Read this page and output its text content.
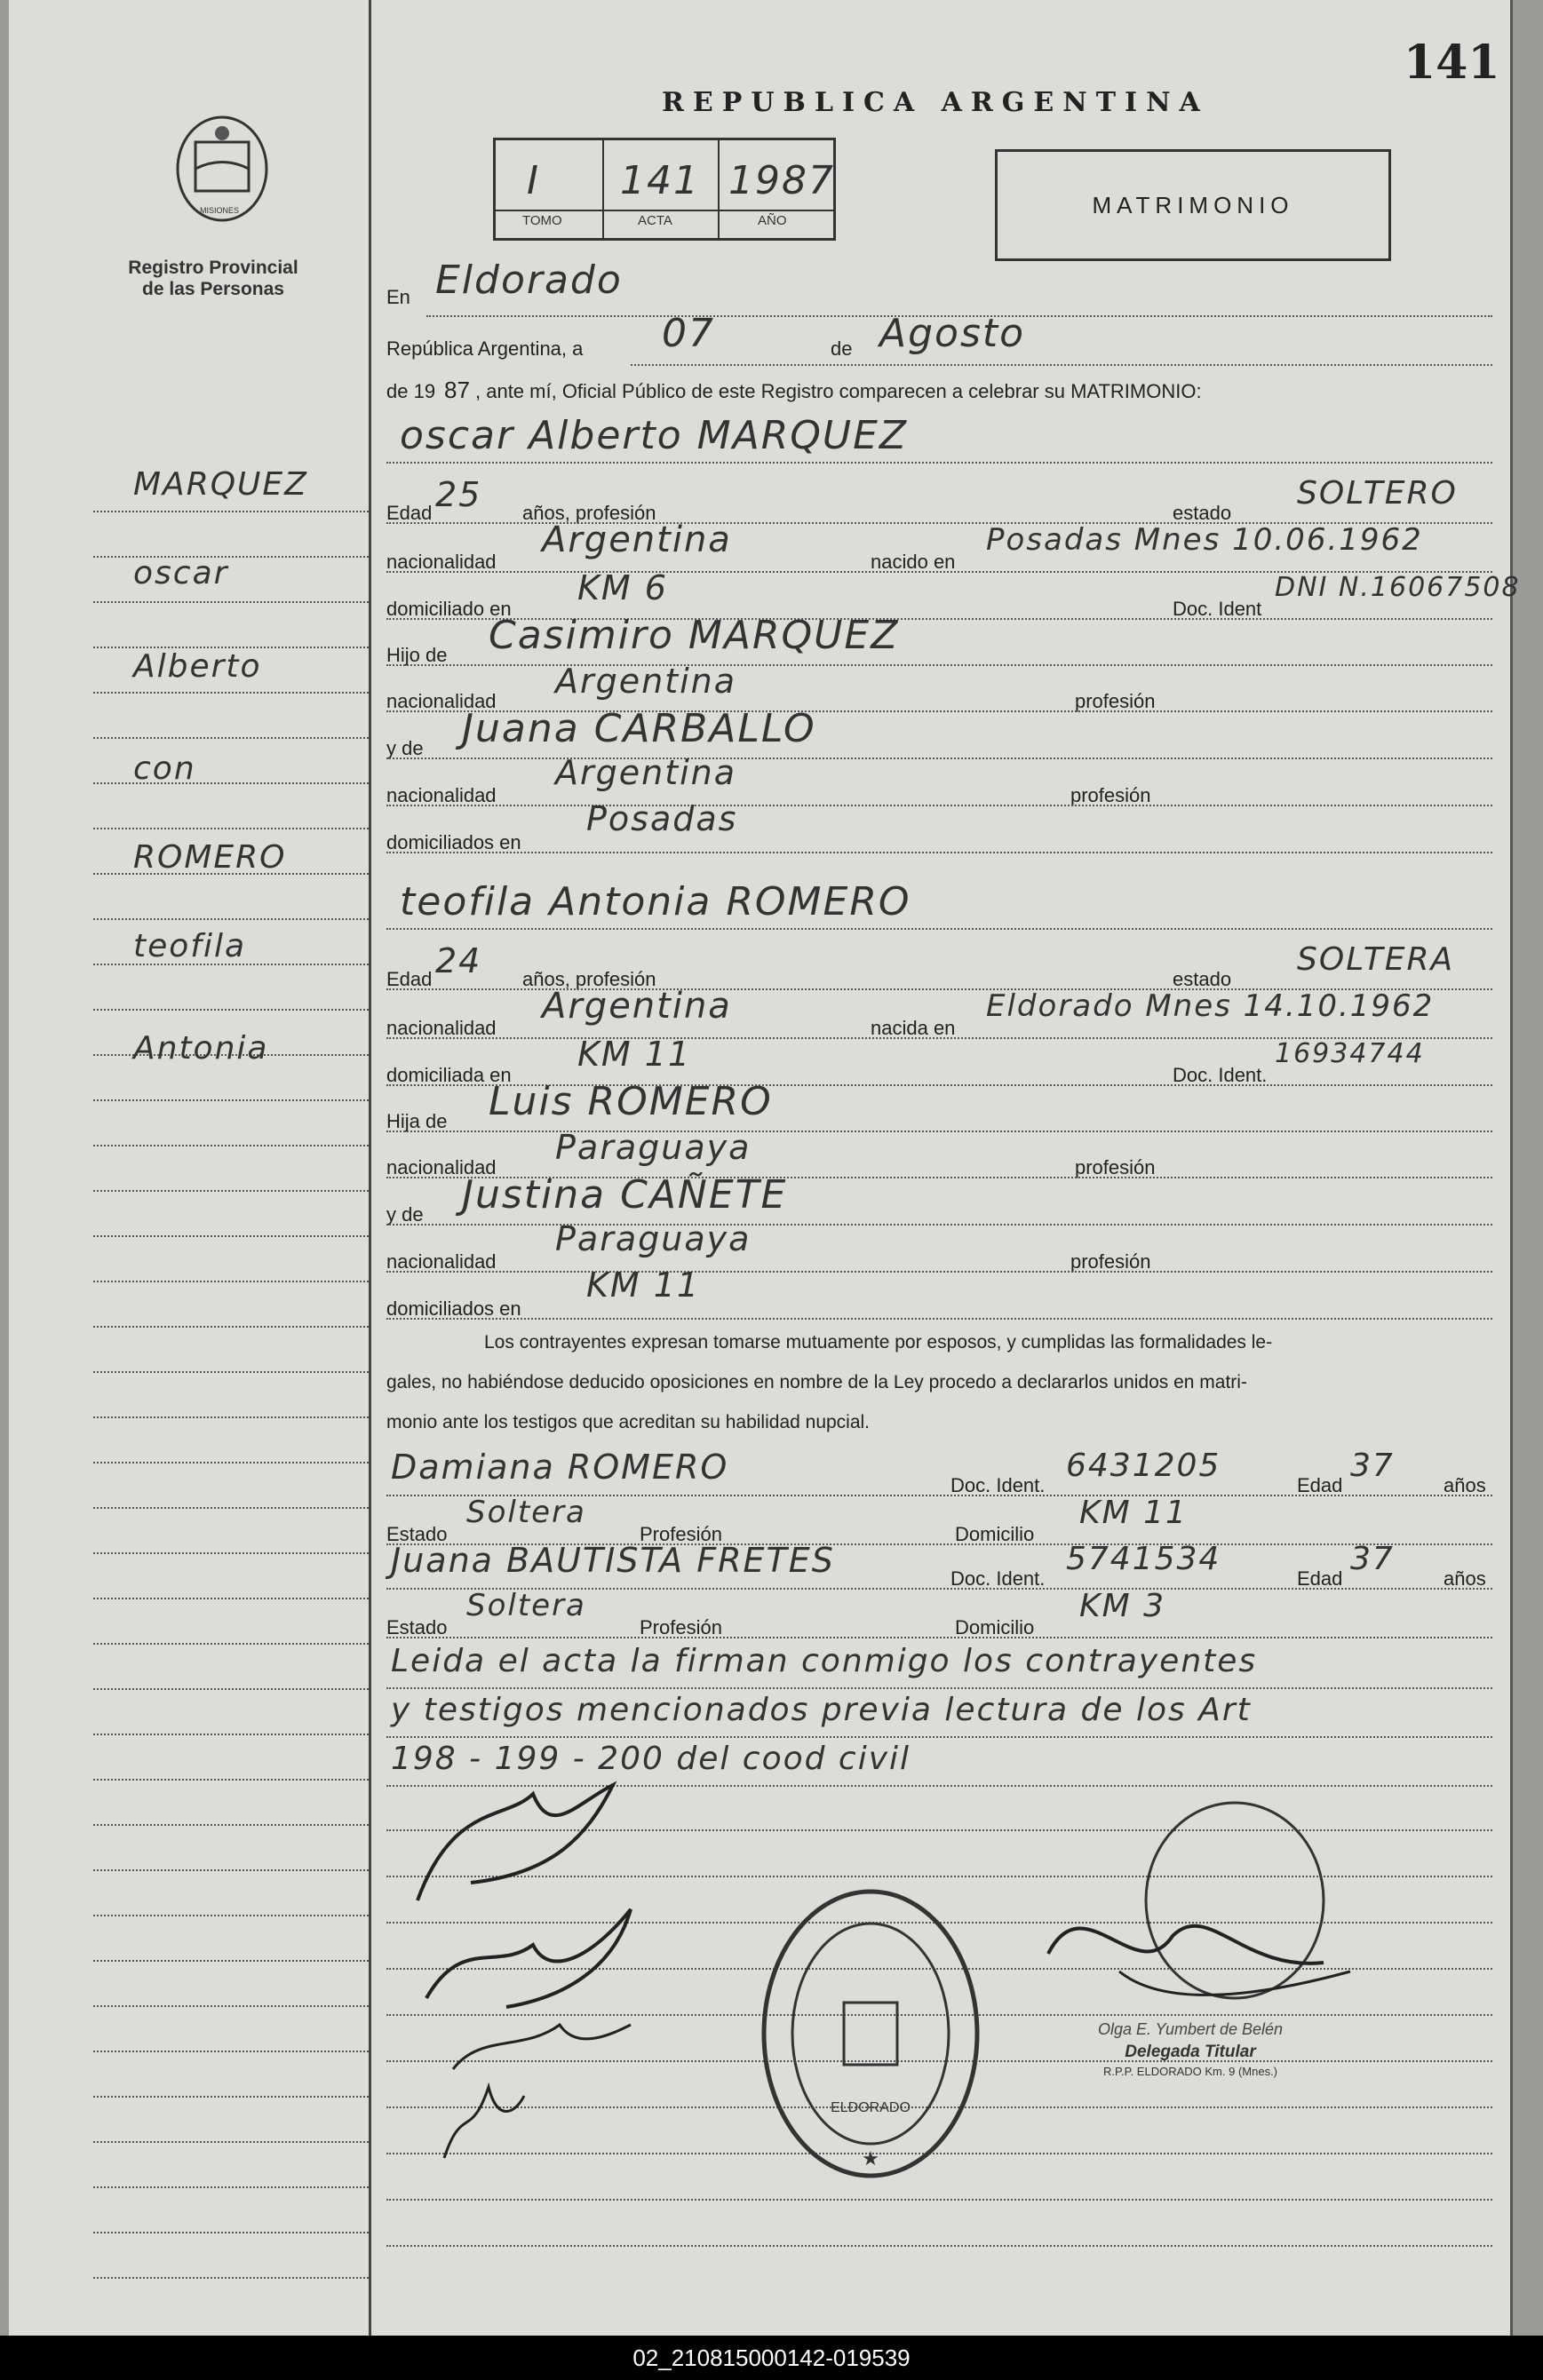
MISIONES
Registro Provincial de las Personas
MARQUEZ
oscar
Alberto
con
ROMERO
teofila
Antonia
141
REPUBLICA ARGENTINA
I 141 1987
TOMO	ACTA	AÑO
MATRIMONIO
En Eldorado
República Argentina, a 07	de Agosto
de 19 87 , ante mí, Oficial Público de este Registro comparecen a celebrar su MATRIMONIO:
oscar Alberto MARQUEZ
Edad 25 años, profesión	estado
SOLTERO
nacionalidad
Argentina
nacido en
Posadas Mnes 10.06.1962
domiciliado en
KM 6
Doc. Ident
DNI N.16067508
Hijo de Casimiro MARQUEZ
nacionalidad
Argentina
profesión
y de Juana CARBALLO
nacionalidad
Argentina
profesión
domiciliados en
Posadas
teofila Antonia ROMERO
Edad 24 años, profesión	estado
SOLTERA
nacionalidad
Argentina
nacida en
Eldorado Mnes 14.10.1962
domiciliada en
KM 11
Doc. Ident.
16934744
Hija de Luis ROMERO
nacionalidad
Paraguaya
profesión
y de Justina CAÑETE
nacionalidad
Paraguaya
profesión
domiciliados en
KM 11
Los contrayentes expresan tomarse mutuamente por esposos, y cumplidas las formalidades le-
gales, no habiéndose deducido oposiciones en nombre de la Ley procedo a declararlos unidos en matri-
monio ante los testigos que acreditan su habilidad nupcial.
Damiana ROMERO	Doc. Ident.
6431205
Edad
37
años
Estado
Soltera
Profesión	Domicilio
KM 11
Juana BAUTISTA FRETES	Doc. Ident.
5741534
Edad
37
años
Estado
Soltera
Profesión	Domicilio
KM 3
Leida el acta la firman conmigo los contrayentes
y testigos mencionados previa lectura de los Art
198 - 199 - 200 del cood civil
ELDORADO
★
Olga E. Yumbert de Belén
Delegada Titular
R.P.P. ELDORADO Km. 9 (Mnes.)
02_210815000142-019539
